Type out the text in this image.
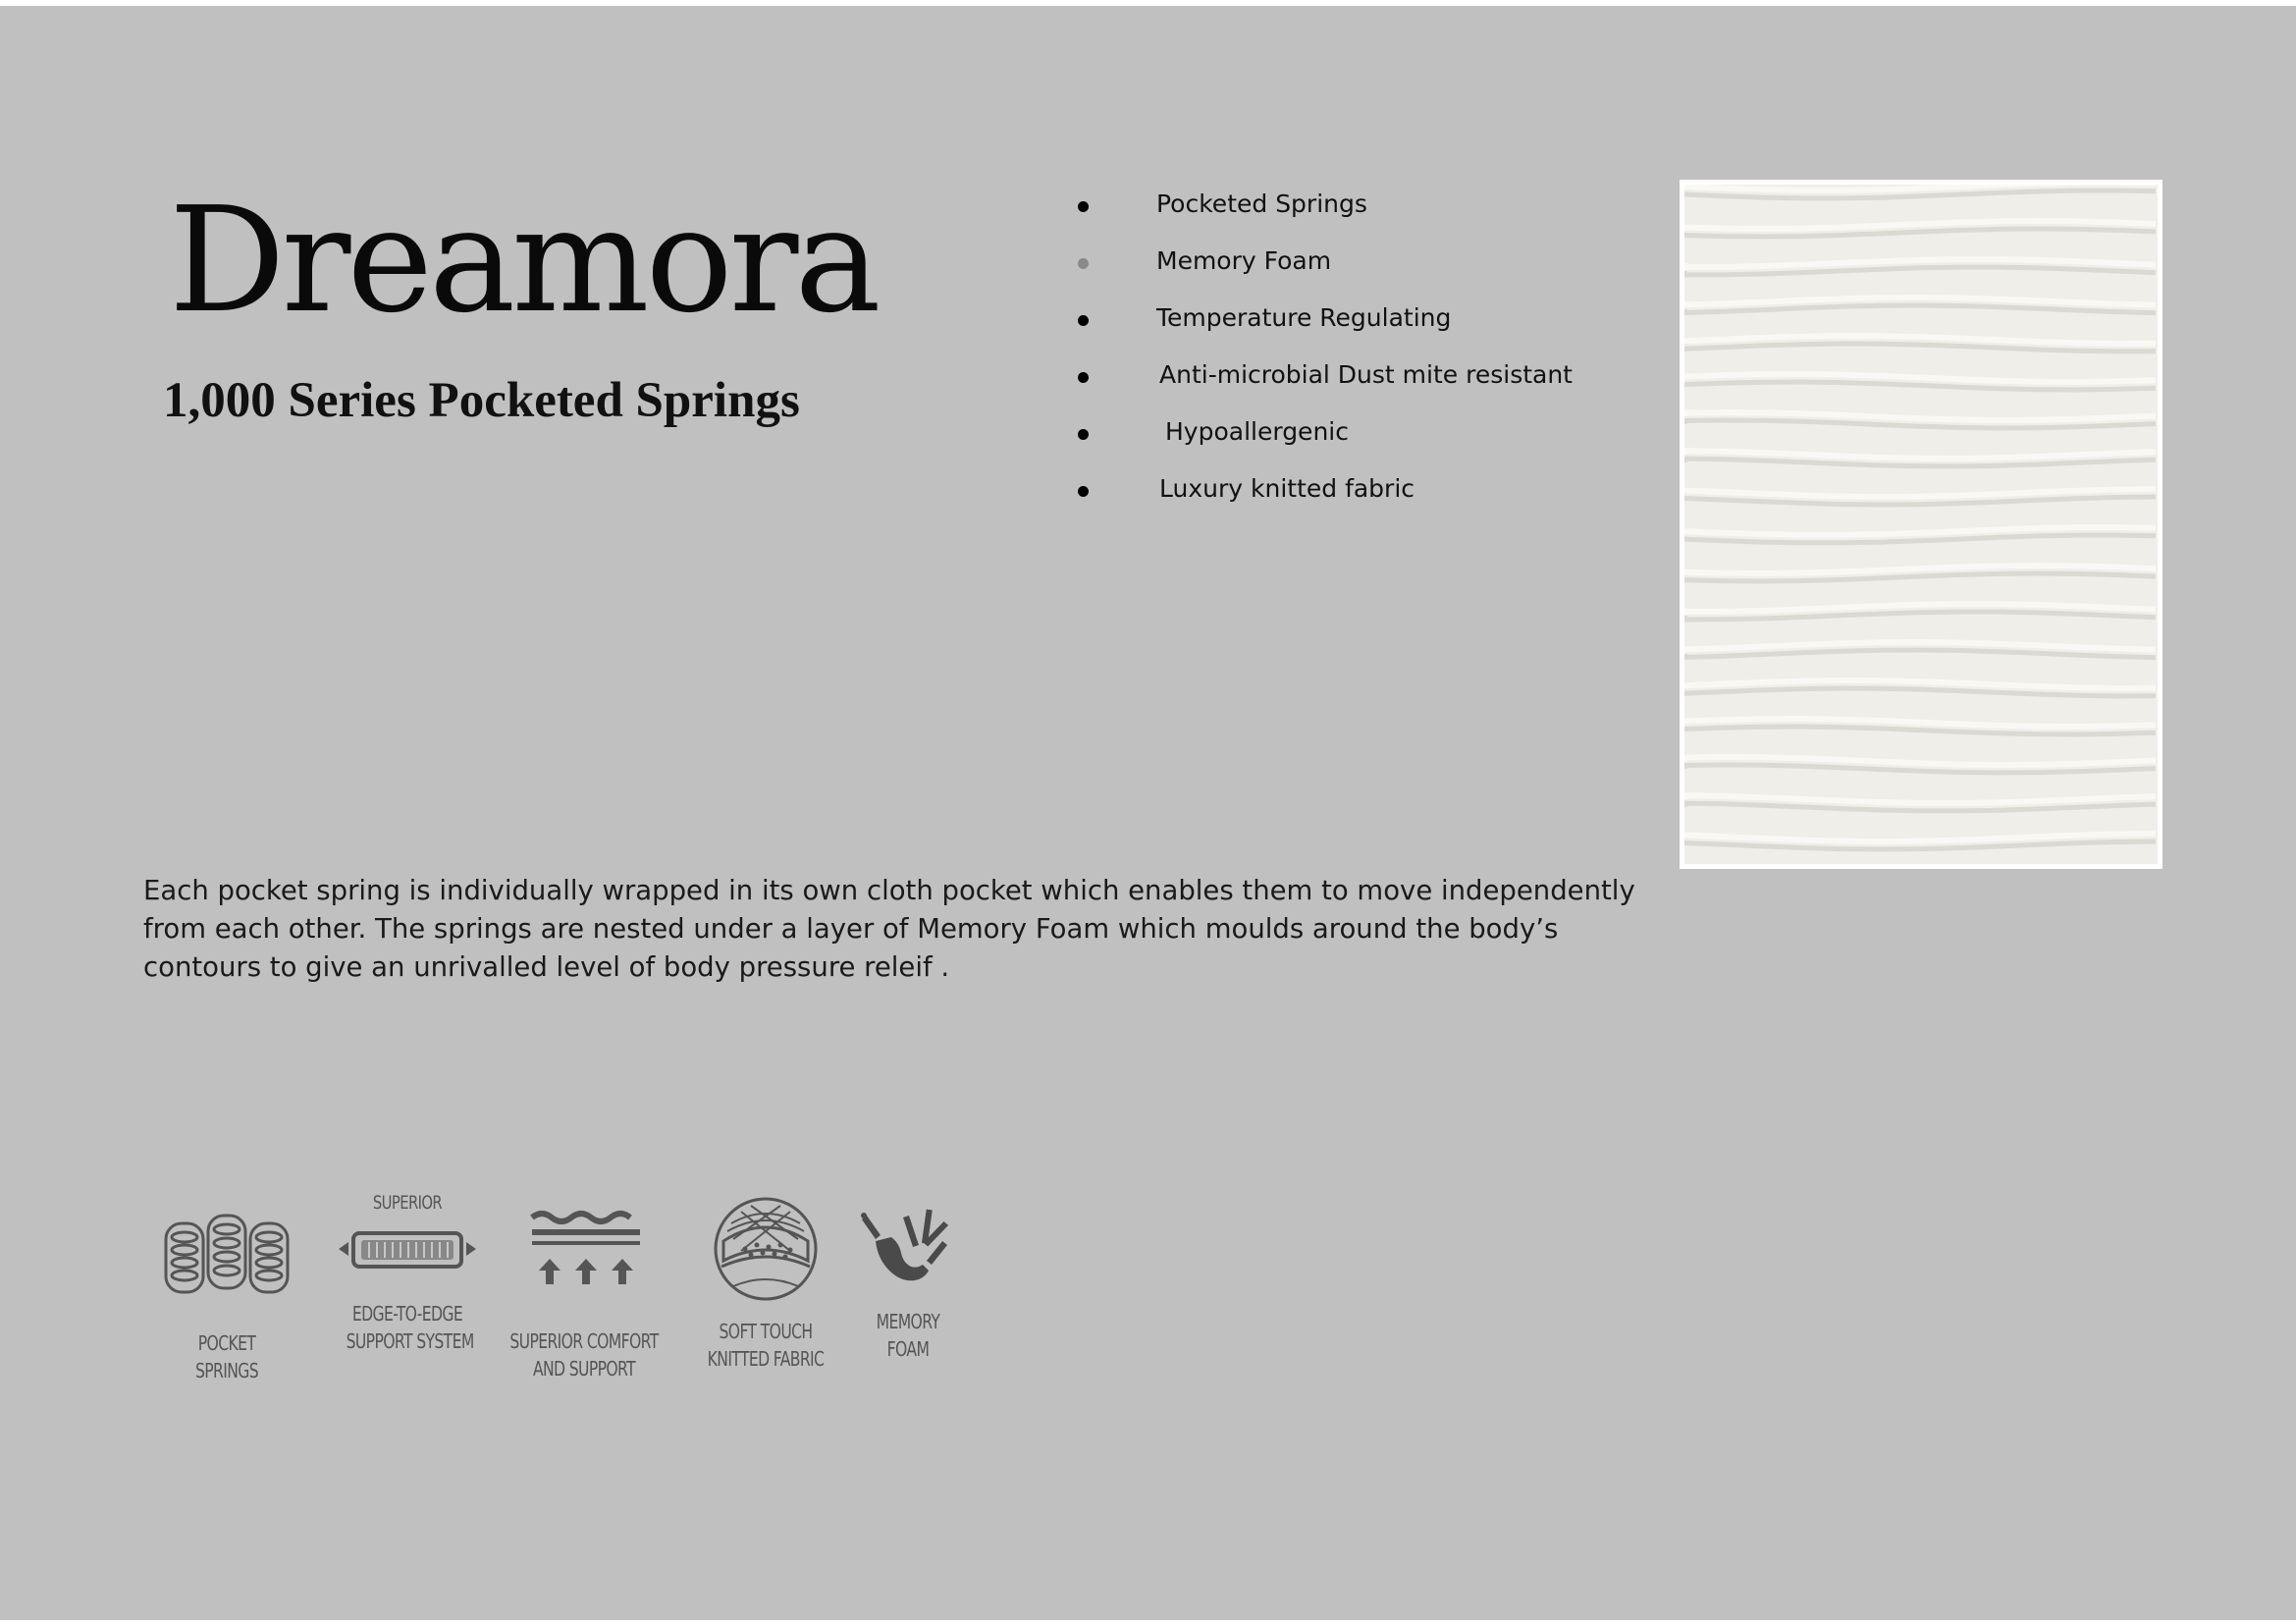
Dreamora
1,000 Series Pocketed Springs
Pocketed Springs
Memory Foam
Temperature Regulating
Anti-microbial Dust mite resistant
Hypoallergenic
Luxury knitted fabric

Each pocket spring is individually wrapped in its own cloth pocket which enables them to move independently from each other. The springs are nested under a layer of Memory Foam which moulds around the body’s contours to give an unrivalled level of body pressure releif .

POCKET
SPRINGS
SUPERIOR
EDGE-TO-EDGE
SUPPORT SYSTEM	SUPERIOR COMFORT
AND SUPPORT
SOFT TOUCH
KNITTED FABRIC
MEMORY
FOAM
